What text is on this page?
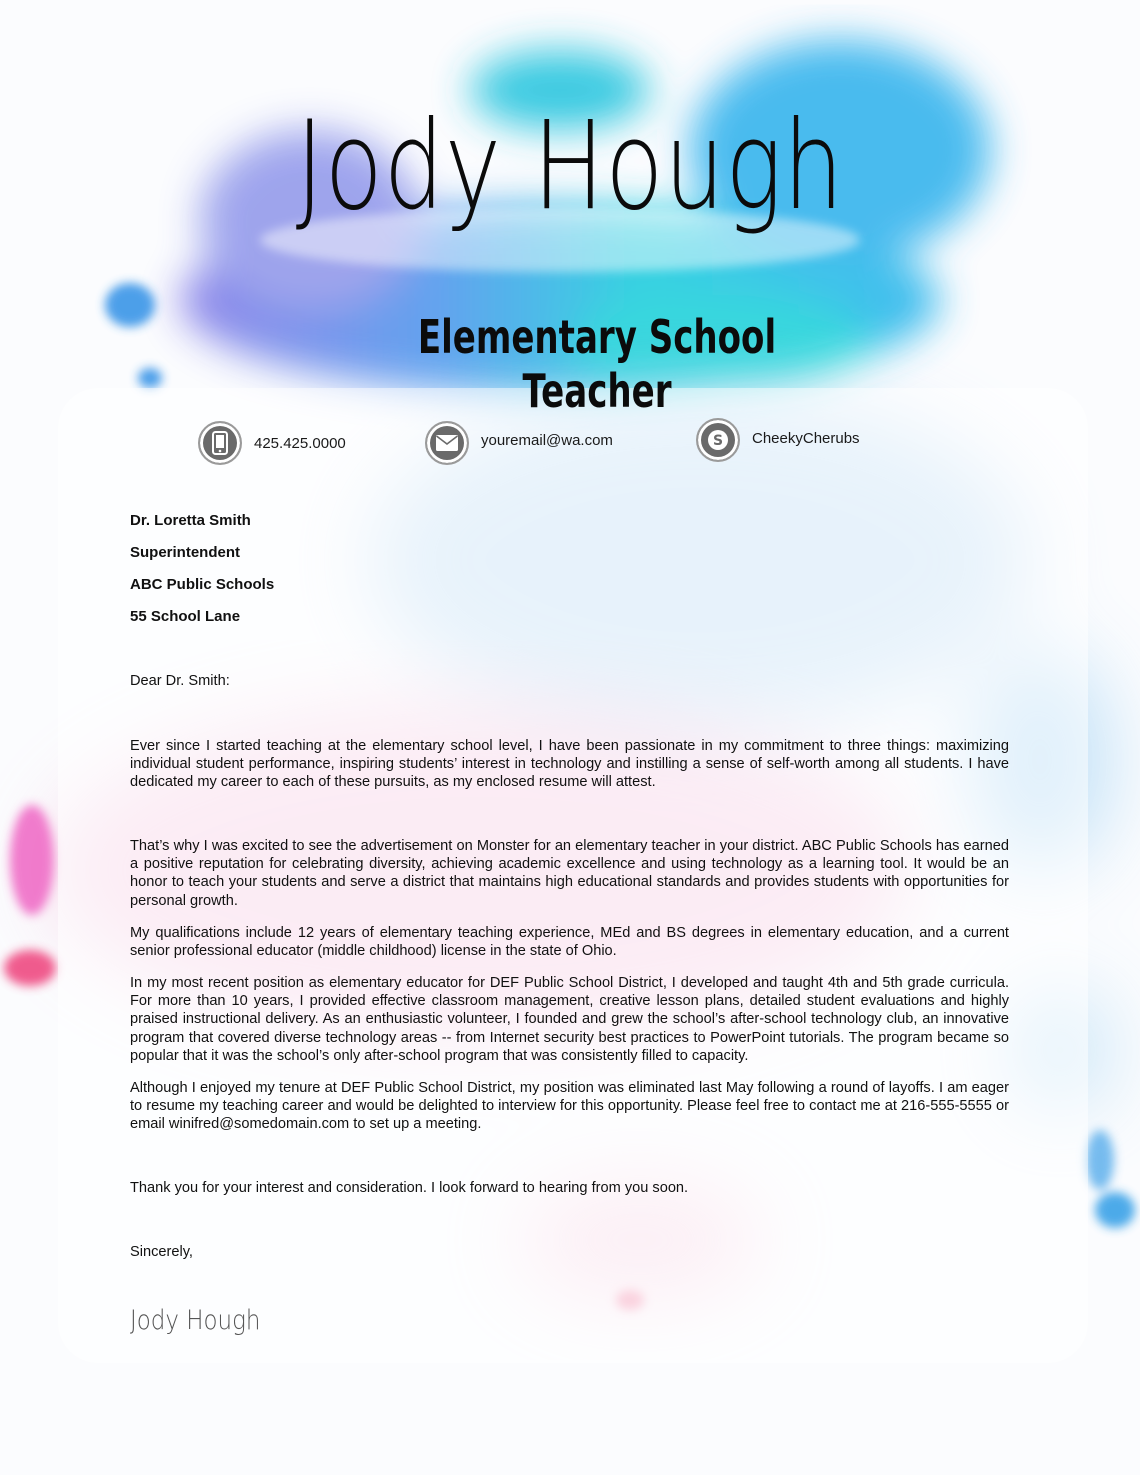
Jody Hough
Elementary School Teacher
425.425.0000	youremail@wa.com	S CheekyCherubs
Dr. Loretta Smith
Superintendent
ABC Public Schools
55 School Lane
Dear Dr. Smith:

Ever since I started teaching at the elementary school level, I have been passionate in my commitment to three things: maximizing individual student performance, inspiring students’ interest in technology and instilling a sense of self-worth among all students. I have dedicated my career to each of these pursuits, as my enclosed resume will attest.

That’s why I was excited to see the advertisement on Monster for an elementary teacher in your district. ABC Public Schools has earned a positive reputation for celebrating diversity, achieving academic excellence and using technology as a learning tool. It would be an honor to teach your students and serve a district that maintains high educational standards and provides students with opportunities for personal growth.

My qualifications include 12 years of elementary teaching experience, MEd and BS degrees in elementary education, and a current senior professional educator (middle childhood) license in the state of Ohio.

In my most recent position as elementary educator for DEF Public School District, I developed and taught 4th and 5th grade curricula. For more than 10 years, I provided effective classroom management, creative lesson plans, detailed student evaluations and highly praised instructional delivery. As an enthusiastic volunteer, I founded and grew the school’s after-school technology club, an innovative program that covered diverse technology areas -- from Internet security best practices to PowerPoint tutorials. The program became so popular that it was the school’s only after-school program that was consistently filled to capacity.

Although I enjoyed my tenure at DEF Public School District, my position was eliminated last May following a round of layoffs. I am eager to resume my teaching career and would be delighted to interview for this opportunity. Please feel free to contact me at 216-555-5555 or email winifred@somedomain.com to set up a meeting.

Thank you for your interest and consideration. I look forward to hearing from you soon.
Sincerely,
Jody Hough
